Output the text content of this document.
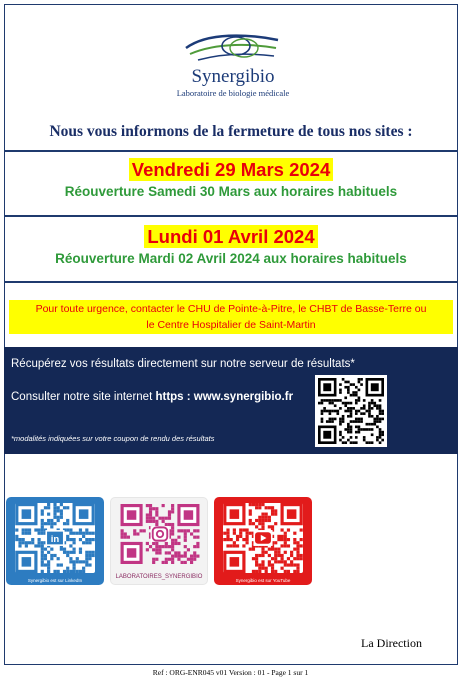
Synergibio
Laboratoire de biologie médicale
Nous vous informons de la fermeture de tous nos sites :
Vendredi 29 Mars 2024
Réouverture Samedi 30 Mars aux horaires habituels
Lundi 01 Avril 2024
Réouverture Mardi 02 Avril 2024 aux horaires habituels
Pour toute urgence, contacter le CHU de Pointe-à-Pitre, le CHBT de Basse-Terre ou
le Centre Hospitalier de Saint-Martin
Récupérez vos résultats directement sur notre serveur de résultats*
Consulter notre site internet https : www.synergibio.fr
*modalités indiquées sur votre coupon de rendu des résultats
in
Synergibio est sur LinkedIn
LABORATOIRES_SYNERGIBIO
Synergibio est sur YouTube
La Direction
Ref : ORG-ENR045 v01 Version : 01 - Page 1 sur 1
